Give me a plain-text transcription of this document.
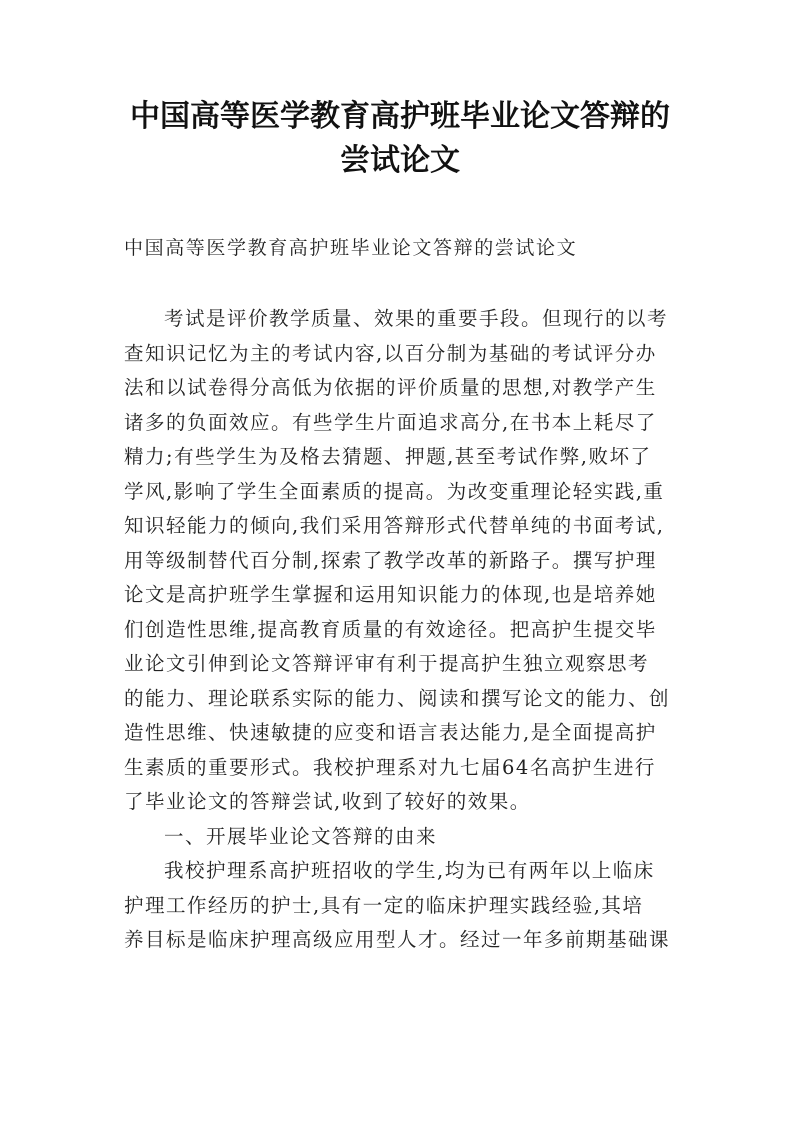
中国高等医学教育高护班毕业论文答辩的
尝试论文
中国高等医学教育高护班毕业论文答辩的尝试论文
考试是评价教学质量、效果的重要手段。但现行的以考
查知识记忆为主的考试内容,以百分制为基础的考试评分办
法和以试卷得分高低为依据的评价质量的思想,对教学产生
诸多的负面效应。有些学生片面追求高分,在书本上耗尽了
精力;有些学生为及格去猜题、押题,甚至考试作弊,败坏了
学风,影响了学生全面素质的提高。为改变重理论轻实践,重
知识轻能力的倾向,我们采用答辩形式代替单纯的书面考试,
用等级制替代百分制,探索了教学改革的新路子。撰写护理
论文是高护班学生掌握和运用知识能力的体现,也是培养她
们创造性思维,提高教育质量的有效途径。把高护生提交毕
业论文引伸到论文答辩评审有利于提高护生独立观察思考
的能力、理论联系实际的能力、阅读和撰写论文的能力、创
造性思维、快速敏捷的应变和语言表达能力,是全面提高护
生素质的重要形式。我校护理系对九七届64名高护生进行
了毕业论文的答辩尝试,收到了较好的效果。
一、开展毕业论文答辩的由来
我校护理系高护班招收的学生,均为已有两年以上临床
护理工作经历的护士,具有一定的临床护理实践经验,其培
养目标是临床护理高级应用型人才。经过一年多前期基础课
